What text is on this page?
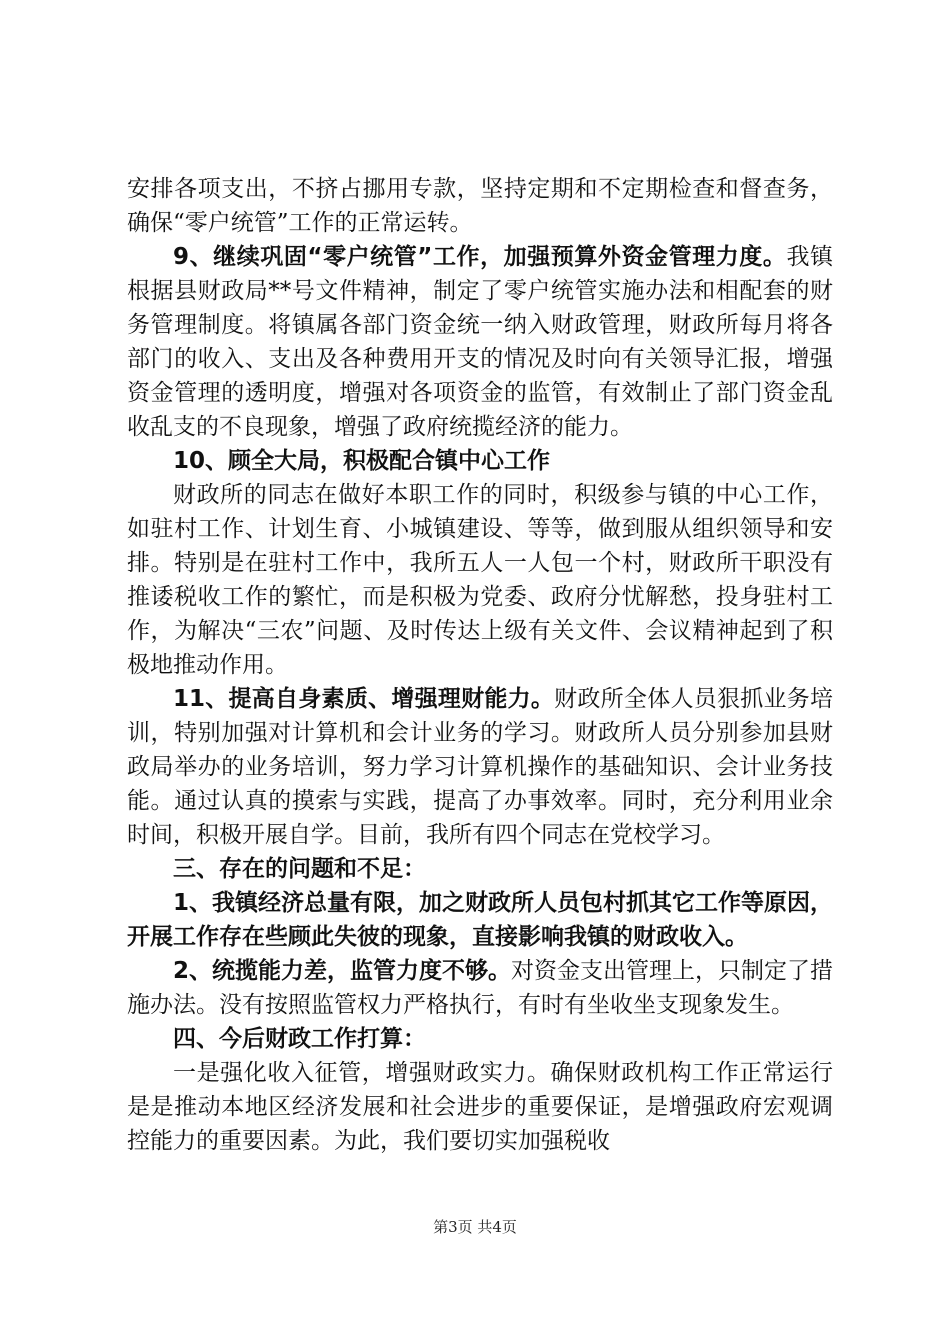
安排各项支出，不挤占挪用专款，坚持定期和不定期检查和督查务，确保“零户统管”工作的正常运转。

9、继续巩固“零户统管”工作，加强预算外资金管理力度。我镇根据县财政局**号文件精神，制定了零户统管实施办法和相配套的财务管理制度。将镇属各部门资金统一纳入财政管理，财政所每月将各部门的收入、支出及各种费用开支的情况及时向有关领导汇报，增强资金管理的透明度，增强对各项资金的监管，有效制止了部门资金乱收乱支的不良现象，增强了政府统揽经济的能力。

10、顾全大局，积极配合镇中心工作

财政所的同志在做好本职工作的同时，积级参与镇的中心工作，如驻村工作、计划生育、小城镇建设、等等，做到服从组织领导和安排。特别是在驻村工作中，我所五人一人包一个村，财政所干职没有推诿税收工作的繁忙，而是积极为党委、政府分忧解愁，投身驻村工作，为解决“三农”问题、及时传达上级有关文件、会议精神起到了积极地推动作用。

11、提高自身素质、增强理财能力。财政所全体人员狠抓业务培训，特别加强对计算机和会计业务的学习。财政所人员分别参加县财政局举办的业务培训，努力学习计算机操作的基础知识、会计业务技能。通过认真的摸索与实践，提高了办事效率。同时，充分利用业余时间，积极开展自学。目前，我所有四个同志在党校学习。

三、存在的问题和不足：

1、我镇经济总量有限，加之财政所人员包村抓其它工作等原因，开展工作存在些顾此失彼的现象，直接影响我镇的财政收入。

2、统揽能力差，监管力度不够。对资金支出管理上，只制定了措施办法。没有按照监管权力严格执行，有时有坐收坐支现象发生。

四、今后财政工作打算：

一是强化收入征管，增强财政实力。确保财政机构工作正常运行是是推动本地区经济发展和社会进步的重要保证，是增强政府宏观调控能力的重要因素。为此，我们要切实加强税收

第3页 共4页
